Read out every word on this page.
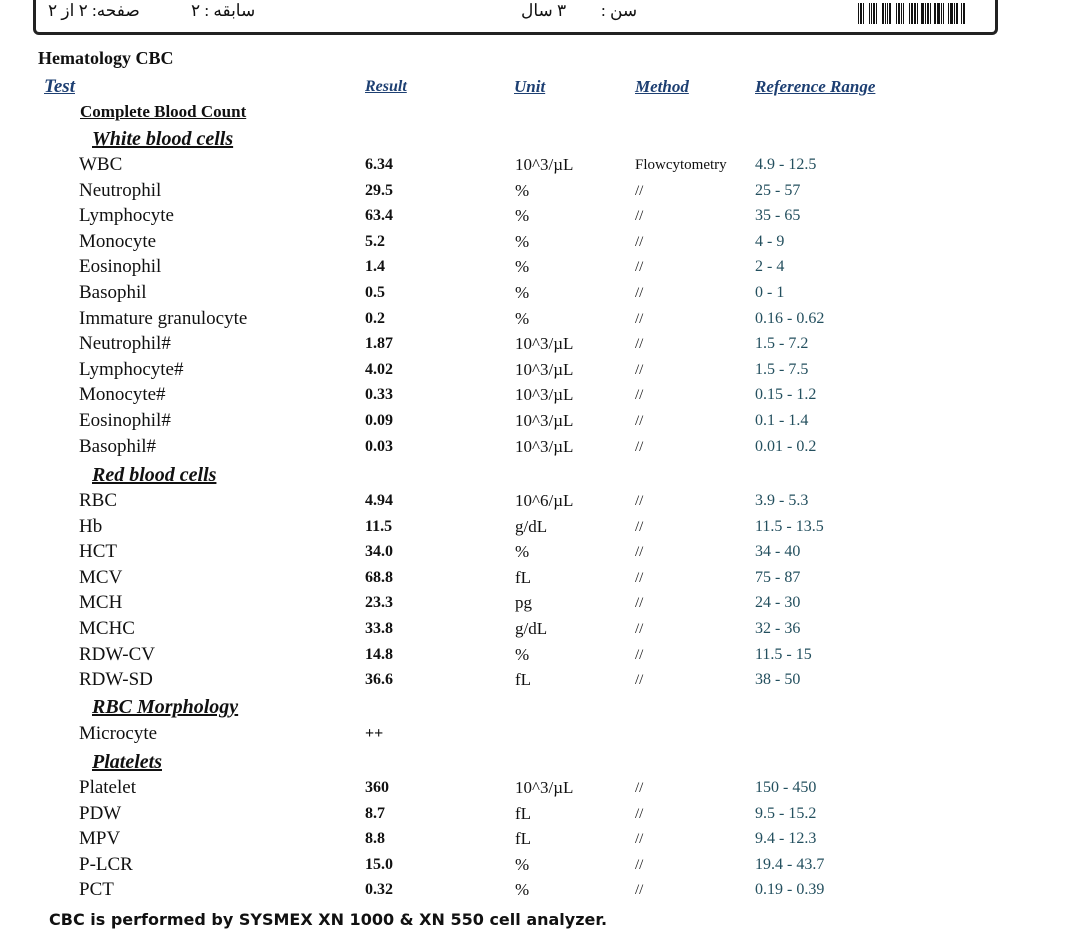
صفحه: ۲ از ۲	سابقه : ۲	۳ سال سن :
Hematology CBC
Test	Result	Unit	Method	Reference Range
Complete Blood Count
White blood cells
WBC	6.34	10^3/µL	Flowcytometry 4.9 - 12.5
Neutrophil	29.5	%	//	25 - 57
Lymphocyte	63.4	%	//	35 - 65
Monocyte	5.2	%	//	4 - 9
Eosinophil	1.4	%	//	2 - 4
Basophil	0.5	%	//	0 - 1
Immature granulocyte	0.2	%	//	0.16 - 0.62
Neutrophil#	1.87	10^3/µL	//	1.5 - 7.2
Lymphocyte#	4.02	10^3/µL	//	1.5 - 7.5
Monocyte#	0.33	10^3/µL	//	0.15 - 1.2
Eosinophil#	0.09	10^3/µL	//	0.1 - 1.4
Basophil#	0.03	10^3/µL	//	0.01 - 0.2
Red blood cells
RBC	4.94	10^6/µL	//	3.9 - 5.3
Hb	11.5	g/dL	//	11.5 - 13.5
HCT	34.0	%	//	34 - 40
MCV	68.8	fL	//	75 - 87
MCH	23.3	pg	//	24 - 30
MCHC	33.8	g/dL	//	32 - 36
RDW-CV	14.8	%	//	11.5 - 15
RDW-SD	36.6	fL	//	38 - 50
RBC Morphology
Microcyte	++
Platelets
Platelet	360	10^3/µL	//	150 - 450
PDW	8.7	fL	//	9.5 - 15.2
MPV	8.8	fL	//	9.4 - 12.3
P-LCR	15.0	%	//	19.4 - 43.7
PCT	0.32	%	//	0.19 - 0.39
CBC is performed by SYSMEX XN 1000 & XN 550 cell analyzer.
